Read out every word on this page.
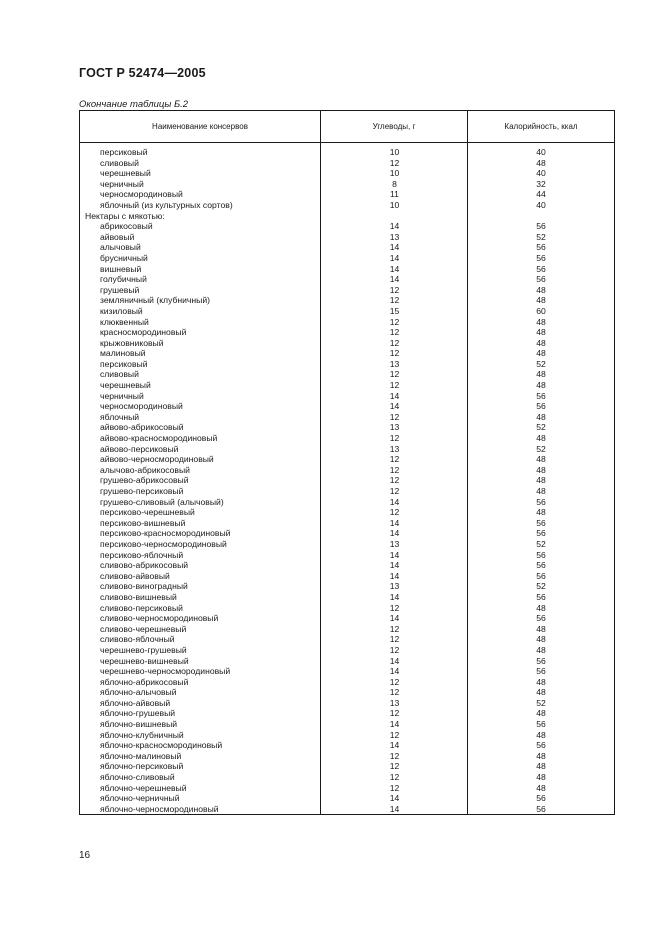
ГОСТ Р 52474—2005
Окончание таблицы Б.2
Наименование консервов	Углеводы, г	Калорийность, ккал
персиковый	10	40
сливовый	12	48
черешневый	10	40
черничный	8	32
черносмородиновый	11	44
яблочный (из культурных сортов)	10	40
Нектары с мякотью:
абрикосовый	14	56
айвовый	13	52
алычовый	14	56
брусничный	14	56
вишневый	14	56
голубичный	14	56
грушевый	12	48
земляничный (клубничный)	12	48
кизиловый	15	60
клюквенный	12	48
красносмородиновый	12	48
крыжовниковый	12	48
малиновый	12	48
персиковый	13	52
сливовый	12	48
черешневый	12	48
черничный	14	56
черносмородиновый	14	56
яблочный	12	48
айвово-абрикосовый	13	52
айвово-красносмородиновый	12	48
айвово-персиковый	13	52
айвово-черносмородиновый	12	48
алычово-абрикосовый	12	48
грушево-абрикосовый	12	48
грушево-персиковый	12	48
грушево-сливовый (алычовый)	14	56
персиково-черешневый	12	48
персиково-вишневый	14	56
персиково-красносмородиновый	14	56
персиково-черносмородиновый	13	52
персиково-яблочный	14	56
сливово-абрикосовый	14	56
сливово-айвовый	14	56
сливово-виноградный	13	52
сливово-вишневый	14	56
сливово-персиковый	12	48
сливово-черносмородиновый	14	56
сливово-черешневый	12	48
сливово-яблочный	12	48
черешнево-грушевый	12	48
черешнево-вишневый	14	56
черешнево-черносмородиновый	14	56
яблочно-абрикосовый	12	48
яблочно-алычовый	12	48
яблочно-айвовый	13	52
яблочно-грушевый	12	48
яблочно-вишневый	14	56
яблочно-клубничный	12	48
яблочно-красносмородиновый	14	56
яблочно-малиновый	12	48
яблочно-персиковый	12	48
яблочно-сливовый	12	48
яблочно-черешневый	12	48
яблочно-черничный	14	56
яблочно-черносмородиновый	14	56
16
